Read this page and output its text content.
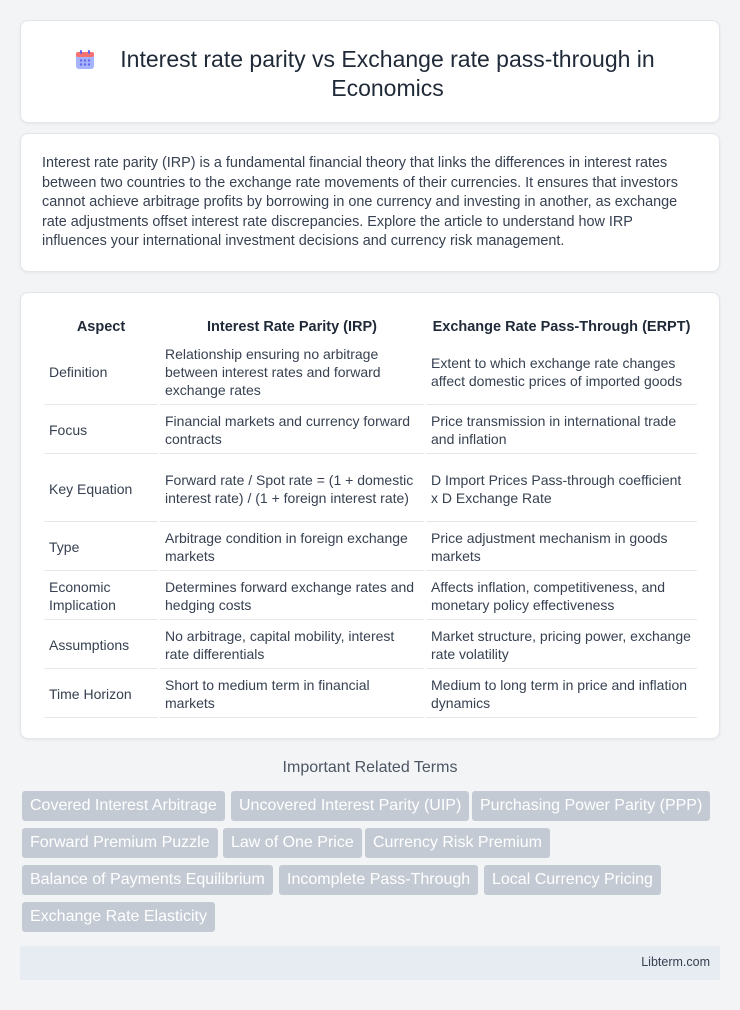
Interest rate parity vs Exchange rate pass-through in Economics

Interest rate parity (IRP) is a fundamental financial theory that links the differences in interest rates between two countries to the exchange rate movements of their currencies. It ensures that investors cannot achieve arbitrage profits by borrowing in one currency and investing in another, as exchange rate adjustments offset interest rate discrepancies. Explore the article to understand how IRP influences your international investment decisions and currency risk management.

Aspect	Interest Rate Parity (IRP)	Exchange Rate Pass-Through (ERPT)
Definition	Relationship ensuring no arbitrage between interest rates and forward exchange rates	Extent to which exchange rate changes affect domestic prices of imported goods
Focus	Financial markets and currency forward contracts	Price transmission in international trade and inflation
Key Equation	Forward rate / Spot rate = (1 + domestic interest rate) / (1 + foreign interest rate)	D Import Prices Pass-through coefficient x D Exchange Rate
Type	Arbitrage condition in foreign exchange markets	Price adjustment mechanism in goods markets
Economic Implication	Determines forward exchange rates and hedging costs	Affects inflation, competitiveness, and monetary policy effectiveness
Assumptions	No arbitrage, capital mobility, interest rate differentials	Market structure, pricing power, exchange rate volatility
Time Horizon	Short to medium term in financial markets	Medium to long term in price and inflation dynamics
Important Related Terms
Covered Interest Arbitrage	Uncovered Interest Parity (UIP)	Purchasing Power Parity (PPP)
Forward Premium Puzzle	Law of One Price	Currency Risk Premium
Balance of Payments Equilibrium	Incomplete Pass-Through	Local Currency Pricing
Exchange Rate Elasticity
Libterm.com
